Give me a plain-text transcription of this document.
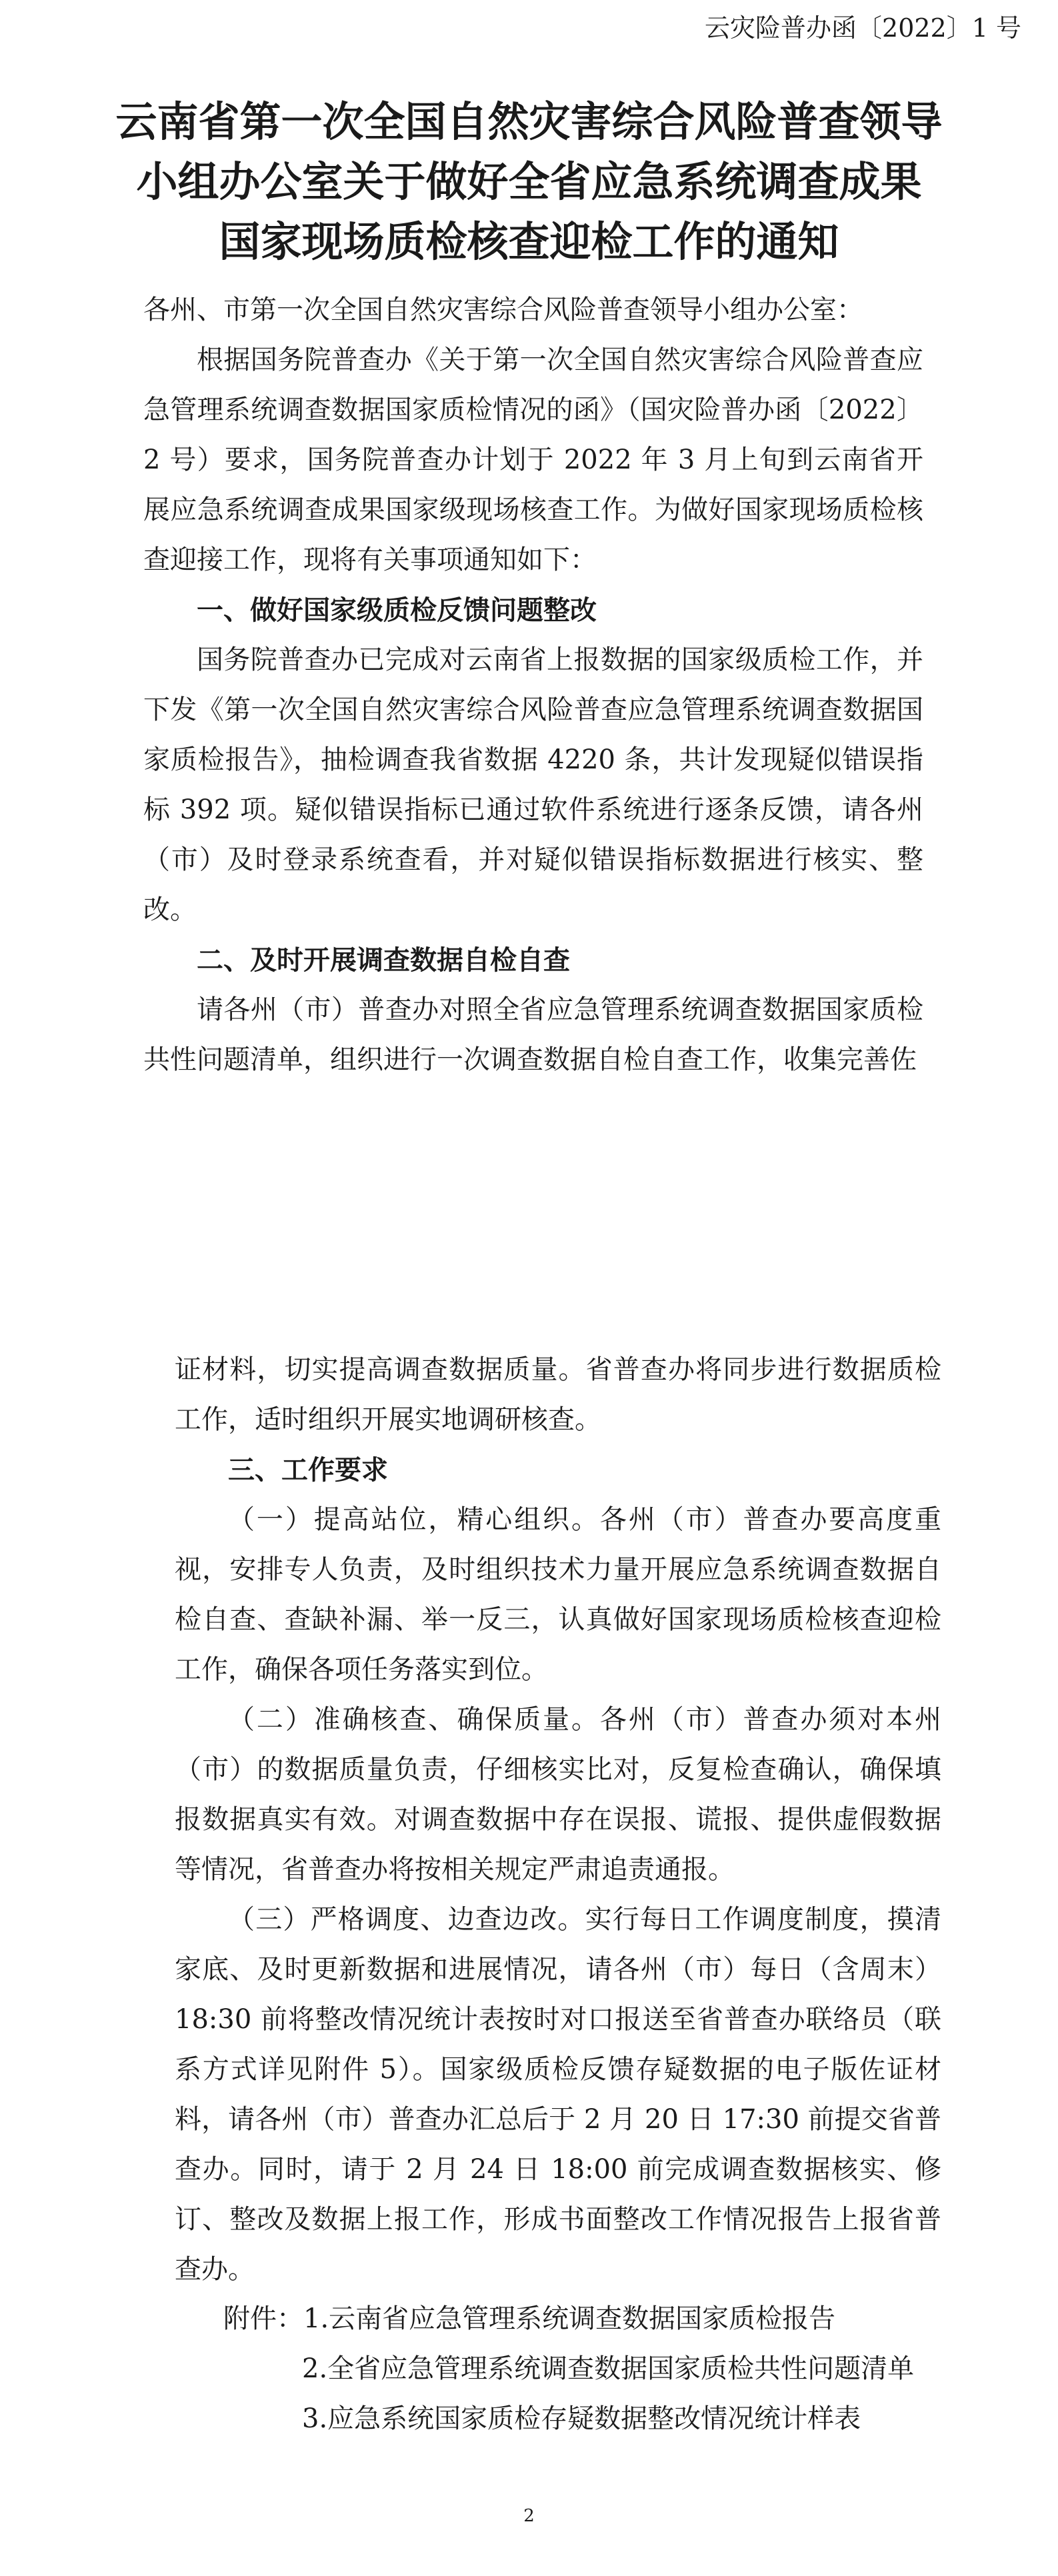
云灾险普办函〔2022〕1 号
云南省第一次全国自然灾害综合风险普查领导
小组办公室关于做好全省应急系统调查成果
国家现场质检核查迎检工作的通知

各州、市第一次全国自然灾害综合风险普查领导小组办公室：

根据国务院普查办《关于第一次全国自然灾害综合风险普查应急管理系统调查数据国家质检情况的函》（国灾险普办函〔2022〕2 号）要求，国务院普查办计划于 2022 年 3 月上旬到云南省开展应急系统调查成果国家级现场核查工作。为做好国家现场质检核查迎接工作，现将有关事项通知如下：

一、做好国家级质检反馈问题整改

国务院普查办已完成对云南省上报数据的国家级质检工作，并下发《第一次全国自然灾害综合风险普查应急管理系统调查数据国家质检报告》，抽检调查我省数据 4220 条，共计发现疑似错误指标 392 项。疑似错误指标已通过软件系统进行逐条反馈，请各州（市）及时登录系统查看，并对疑似错误指标数据进行核实、整改。

二、及时开展调查数据自检自查

请各州（市）普查办对照全省应急管理系统调查数据国家质检共性问题清单，组织进行一次调查数据自检自查工作，收集完善佐

证材料，切实提高调查数据质量。省普查办将同步进行数据质检工作，适时组织开展实地调研核查。

三、工作要求

（一）提高站位，精心组织。各州（市）普查办要高度重视，安排专人负责，及时组织技术力量开展应急系统调查数据自检自查、查缺补漏、举一反三，认真做好国家现场质检核查迎检工作，确保各项任务落实到位。

（二）准确核查、确保质量。各州（市）普查办须对本州（市）的数据质量负责，仔细核实比对，反复检查确认，确保填报数据真实有效。对调查数据中存在误报、谎报、提供虚假数据等情况，省普查办将按相关规定严肃追责通报。

（三）严格调度、边查边改。实行每日工作调度制度，摸清家底、及时更新数据和进展情况，请各州（市）每日（含周末）18:30 前将整改情况统计表按时对口报送至省普查办联络员（联系方式详见附件 5）。国家级质检反馈存疑数据的电子版佐证材料，请各州（市）普查办汇总后于 2 月 20 日 17:30 前提交省普查办。同时，请于 2 月 24 日 18:00 前完成调查数据核实、修订、整改及数据上报工作，形成书面整改工作情况报告上报省普查办。

附件：1.云南省应急管理系统调查数据国家质检报告
2.全省应急管理系统调查数据国家质检共性问题清单
3.应急系统国家质检存疑数据整改情况统计样表
2
